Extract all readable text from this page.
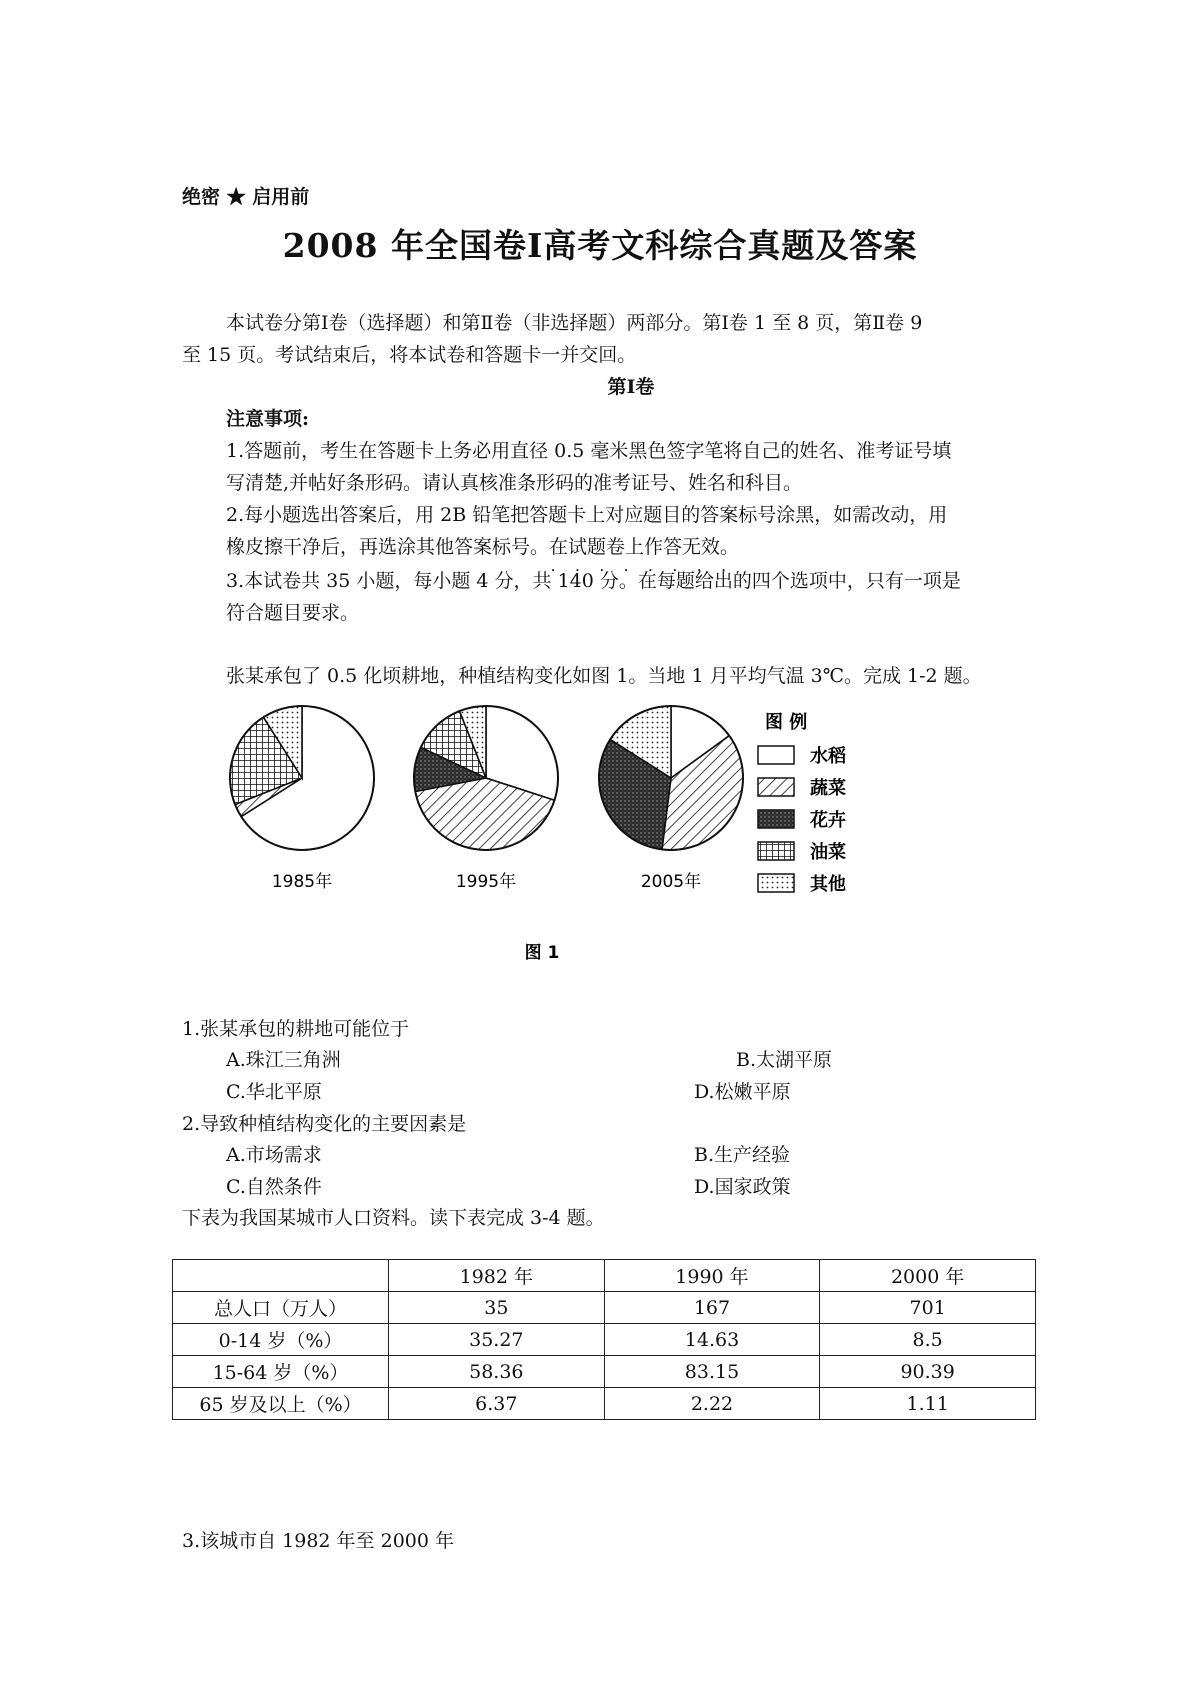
绝密 ★ 启用前
2008 年全国卷Ⅰ高考文科综合真题及答案
本试卷分第Ⅰ卷（选择题）和第Ⅱ卷（非选择题）两部分。第Ⅰ卷 1 至 8 页，第Ⅱ卷 9
至 15 页。考试结束后，将本试卷和答题卡一并交回。
第Ⅰ卷
注意事项:
1.答题前，考生在答题卡上务必用直径 0.5 毫米黑色签字笔将自己的姓名、准考证号填
写清楚,并帖好条形码。请认真核准条形码的准考证号、姓名和科目。
2.每小题选出答案后，用 2B 铅笔把答题卡上对应题目的答案标号涂黑，如需改动，用
橡皮擦干净后，再选涂其他答案标号。在试题卷上作答无效 • • •。
3.本试卷共 35 小题，每小题 4 分，共 140 分。在每题给出的四个选项中，只有一项是
符合题目要求。
张某承包了 0.5 化顷耕地，种植结构变化如图 1。当地 1 月平均气温 3℃。完成 1-2 题。
1985年	1995年	2005年
图 例
水稻
蔬菜
花卉
油菜
其他
图 1
1.张某承包的耕地可能位于
A.珠江三角洲	B.太湖平原
C.华北平原	D.松嫩平原
2.导致种植结构变化的主要因素是
A.市场需求	B.生产经验
C.自然条件	D.国家政策
下表为我国某城市人口资料。读下表完成 3-4 题。
	1982 年	1990 年	2000 年
总人口（万人）	35	167	701
0-14 岁（%）	35.27	14.63	8.5
15-64 岁（%）	58.36	83.15	90.39
65 岁及以上（%）	6.37	2.22	1.11
3.该城市自 1982 年至 2000 年
